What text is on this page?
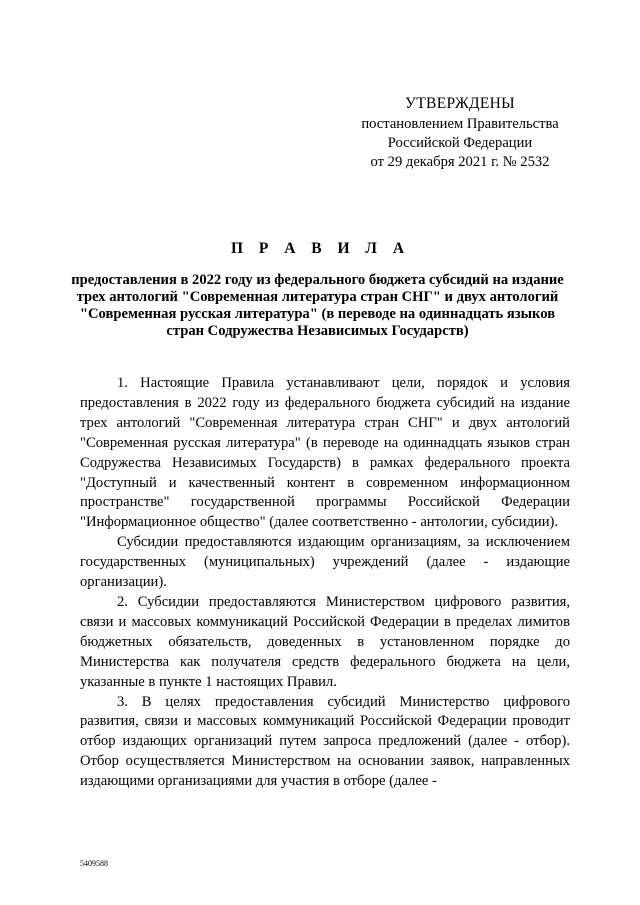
УТВЕРЖДЕНЫ
постановлением Правительства
Российской Федерации
от 29 декабря 2021 г. № 2532
П Р А В И Л А
предоставления в 2022 году из федерального бюджета субсидий на издание трех антологий "Современная литература стран СНГ" и двух антологий "Современная русская литература" (в переводе на одиннадцать языков стран Содружества Независимых Государств)

1. Настоящие Правила устанавливают цели, порядок и условия предоставления в 2022 году из федерального бюджета субсидий на издание трех антологий "Современная литература стран СНГ" и двух антологий "Современная русская литература" (в переводе на одиннадцать языков стран Содружества Независимых Государств) в рамках федерального проекта "Доступный и качественный контент в современном информационном пространстве" государственной программы Российской Федерации "Информационное общество" (далее соответственно - антологии, субсидии).

Субсидии предоставляются издающим организациям, за исключением государственных (муниципальных) учреждений (далее - издающие организации).

2. Субсидии предоставляются Министерством цифрового развития, связи и массовых коммуникаций Российской Федерации в пределах лимитов бюджетных обязательств, доведенных в установленном порядке до Министерства как получателя средств федерального бюджета на цели, указанные в пункте 1 настоящих Правил.

3. В целях предоставления субсидий Министерство цифрового развития, связи и массовых коммуникаций Российской Федерации проводит отбор издающих организаций путем запроса предложений (далее - отбор). Отбор осуществляется Министерством на основании заявок, направленных издающими организациями для участия в отборе (далее -

5409588
